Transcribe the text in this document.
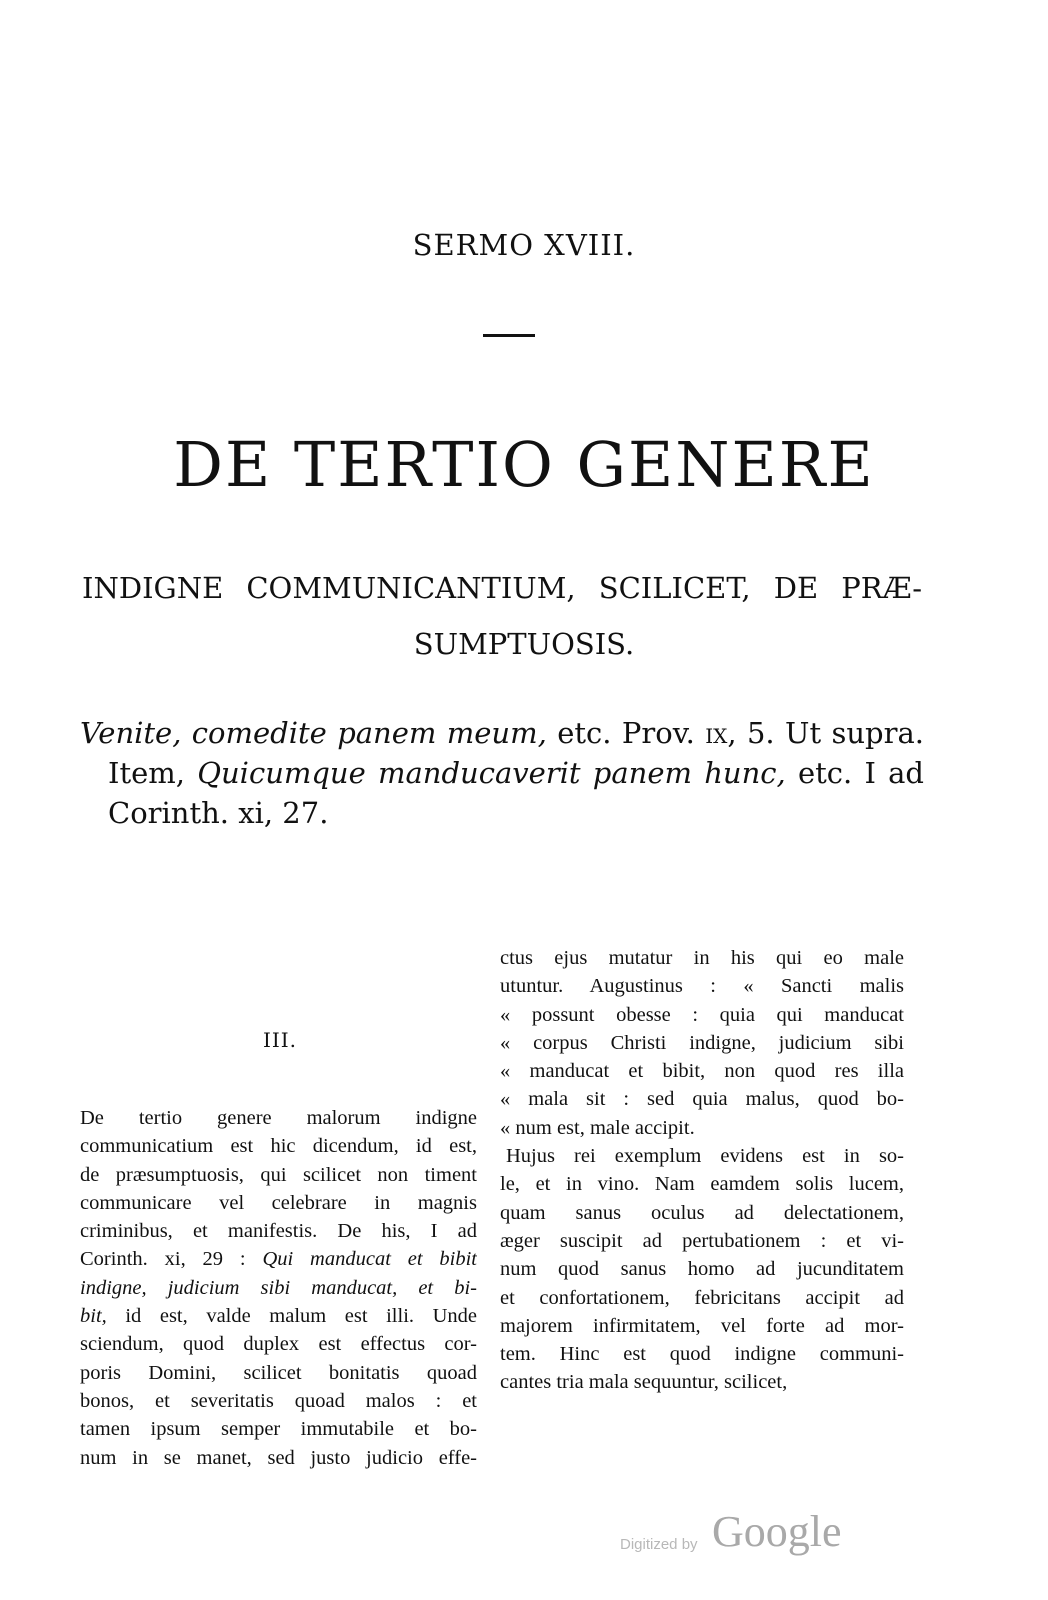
SERMO XVIII.
DE TERTIO GENERE
INDIGNE COMMUNICANTIUM, SCILICET, DE PRÆ-
SUMPTUOSIS.
Venite, comedite panem meum, etc. Prov. ix, 5. Ut supra.
Item, Quicumque manducaverit panem hunc, etc. I ad
Corinth. xi, 27.
III.
De tertio genere malorum indigne
communicatium est hic dicendum, id est,
de præsumptuosis, qui scilicet non timent
communicare vel celebrare in magnis
criminibus, et manifestis. De his, I ad
Corinth. xi, 29 : Qui manducat et bibit
indigne, judicium sibi manducat, et bi-
bit, id est, valde malum est illi. Unde
sciendum, quod duplex est effectus cor-
poris Domini, scilicet bonitatis quoad
bonos, et severitatis quoad malos : et
tamen ipsum semper immutabile et bo-
num in se manet, sed justo judicio effe-
ctus ejus mutatur in his qui eo male
utuntur. Augustinus : « Sancti malis
« possunt obesse : quia qui manducat
« corpus Christi indigne, judicium sibi
« manducat et bibit, non quod res illa
« mala sit : sed quia malus, quod bo-
« num est, male accipit.
Hujus rei exemplum evidens est in so-
le, et in vino. Nam eamdem solis lucem,
quam sanus oculus ad delectationem,
æger suscipit ad pertubationem : et vi-
num quod sanus homo ad jucunditatem
et confortationem, febricitans accipit ad
majorem infirmitatem, vel forte ad mor-
tem. Hinc est quod indigne communi-
cantes tria mala sequuntur, scilicet,
Digitized by Google
